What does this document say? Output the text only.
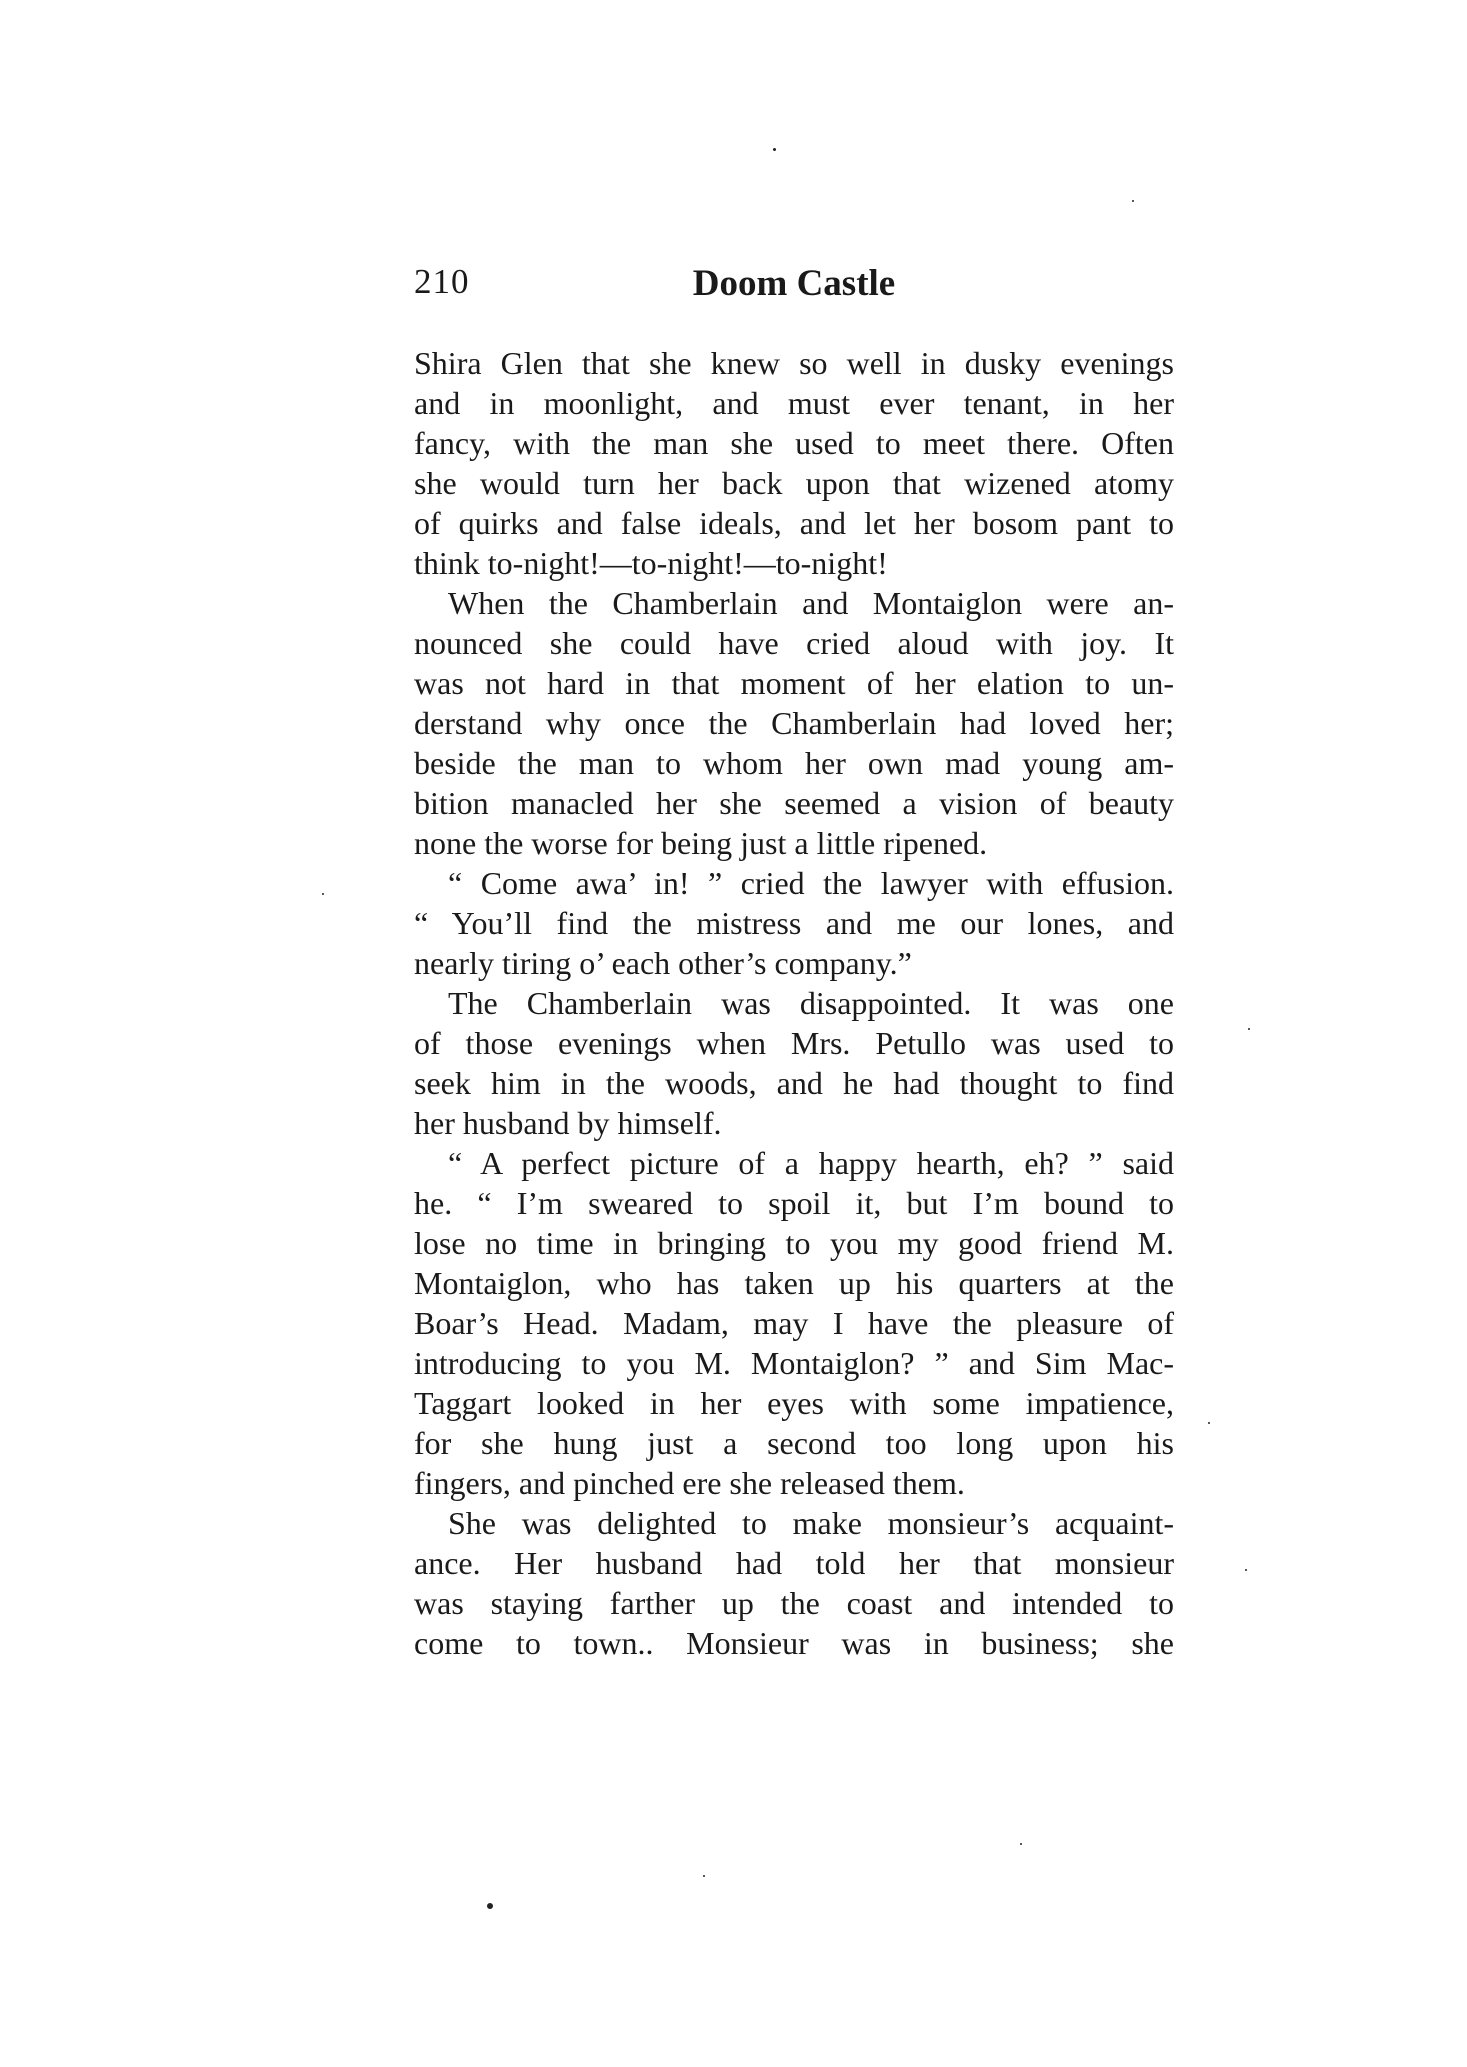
210	Doom Castle
Shira Glen that she knew so well in dusky evenings
and in moonlight, and must ever tenant, in her
fancy, with the man she used to meet there. Often
she would turn her back upon that wizened atomy
of quirks and false ideals, and let her bosom pant to
think to-night!—to-night!—to-night!
When the Chamberlain and Montaiglon were an-
nounced she could have cried aloud with joy. It
was not hard in that moment of her elation to un-
derstand why once the Chamberlain had loved her;
beside the man to whom her own mad young am-
bition manacled her she seemed a vision of beauty
none the worse for being just a little ripened.
“ Come awa’ in! ” cried the lawyer with effusion.
“ You’ll find the mistress and me our lones, and
nearly tiring o’ each other’s company.”
The Chamberlain was disappointed. It was one
of those evenings when Mrs. Petullo was used to
seek him in the woods, and he had thought to find
her husband by himself.
“ A perfect picture of a happy hearth, eh? ” said
he. “ I’m sweared to spoil it, but I’m bound to
lose no time in bringing to you my good friend M.
Montaiglon, who has taken up his quarters at the
Boar’s Head. Madam, may I have the pleasure of
introducing to you M. Montaiglon? ” and Sim Mac-
Taggart looked in her eyes with some impatience,
for she hung just a second too long upon his
fingers, and pinched ere she released them.
She was delighted to make monsieur’s acquaint-
ance. Her husband had told her that monsieur
was staying farther up the coast and intended to
come to town.. Monsieur was in business; she
